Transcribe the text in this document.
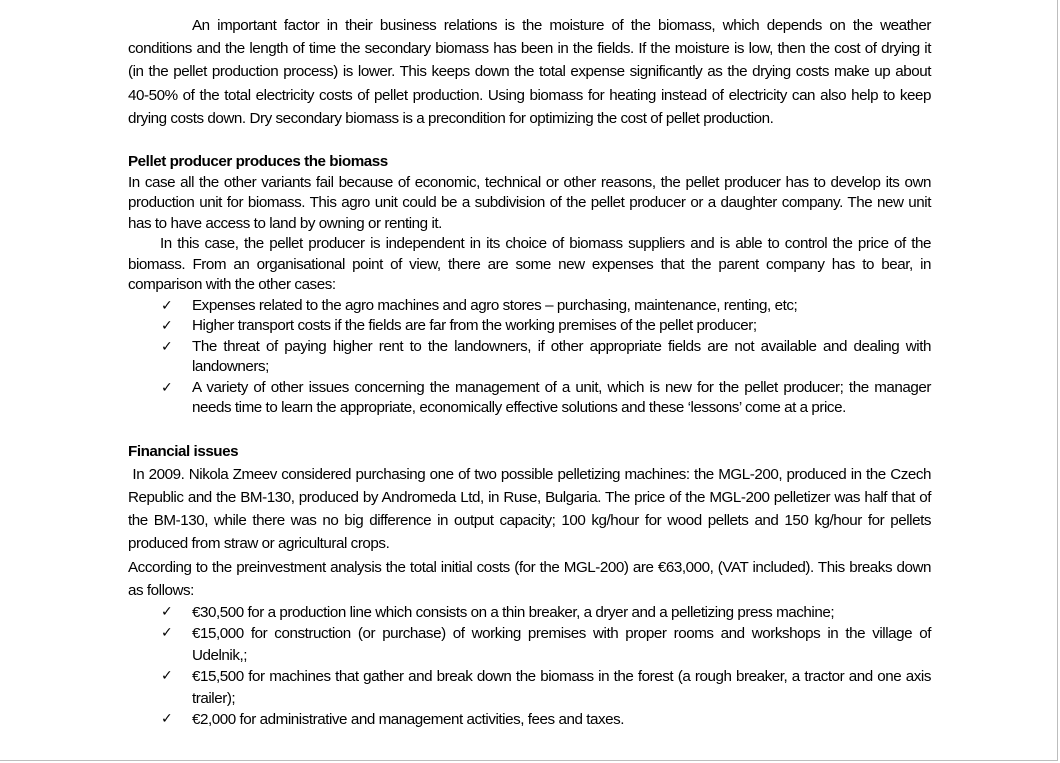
An important factor in their business relations is the moisture of the biomass, which depends on the weather conditions and the length of time the secondary biomass has been in the fields. If the moisture is low, then the cost of drying it (in the pellet production process) is lower. This keeps down the total expense significantly as the drying costs make up about 40-50% of the total electricity costs of pellet production. Using biomass for heating instead of electricity can also help to keep drying costs down. Dry secondary biomass is a precondition for optimizing the cost of pellet production.

Pellet producer produces the biomass

In case all the other variants fail because of economic, technical or other reasons, the pellet producer has to develop its own production unit for biomass. This agro unit could be a subdivision of the pellet producer or a daughter company. The new unit has to have access to land by owning or renting it.

In this case, the pellet producer is independent in its choice of biomass suppliers and is able to control the price of the biomass. From an organisational point of view, there are some new expenses that the parent company has to bear, in comparison with the other cases:

✓ Expenses related to the agro machines and agro stores – purchasing, maintenance, renting, etc;
✓ Higher transport costs if the fields are far from the working premises of the pellet producer;
✓ The threat of paying higher rent to the landowners, if other appropriate fields are not available and dealing with landowners;
✓ A variety of other issues concerning the management of a unit, which is new for the pellet producer; the manager needs time to learn the appropriate, economically effective solutions and these ‘lessons’ come at a price.
Financial issues

In 2009. Nikola Zmeev considered purchasing one of two possible pelletizing machines: the MGL-200, produced in the Czech Republic and the BM-130, produced by Andromeda Ltd, in Ruse, Bulgaria. The price of the MGL-200 pelletizer was half that of the BM-130, while there was no big difference in output capacity; 100 kg/hour for wood pellets and 150 kg/hour for pellets produced from straw or agricultural crops.

According to the preinvestment analysis the total initial costs (for the MGL-200) are €63,000, (VAT included). This breaks down as follows:

✓ €30,500 for a production line which consists on a thin breaker, a dryer and a pelletizing press machine;
✓ €15,000 for construction (or purchase) of working premises with proper rooms and workshops in the village of Udelnik,;
✓ €15,500 for machines that gather and break down the biomass in the forest (a rough breaker, a tractor and one axis trailer);
✓ €2,000 for administrative and management activities, fees and taxes.
